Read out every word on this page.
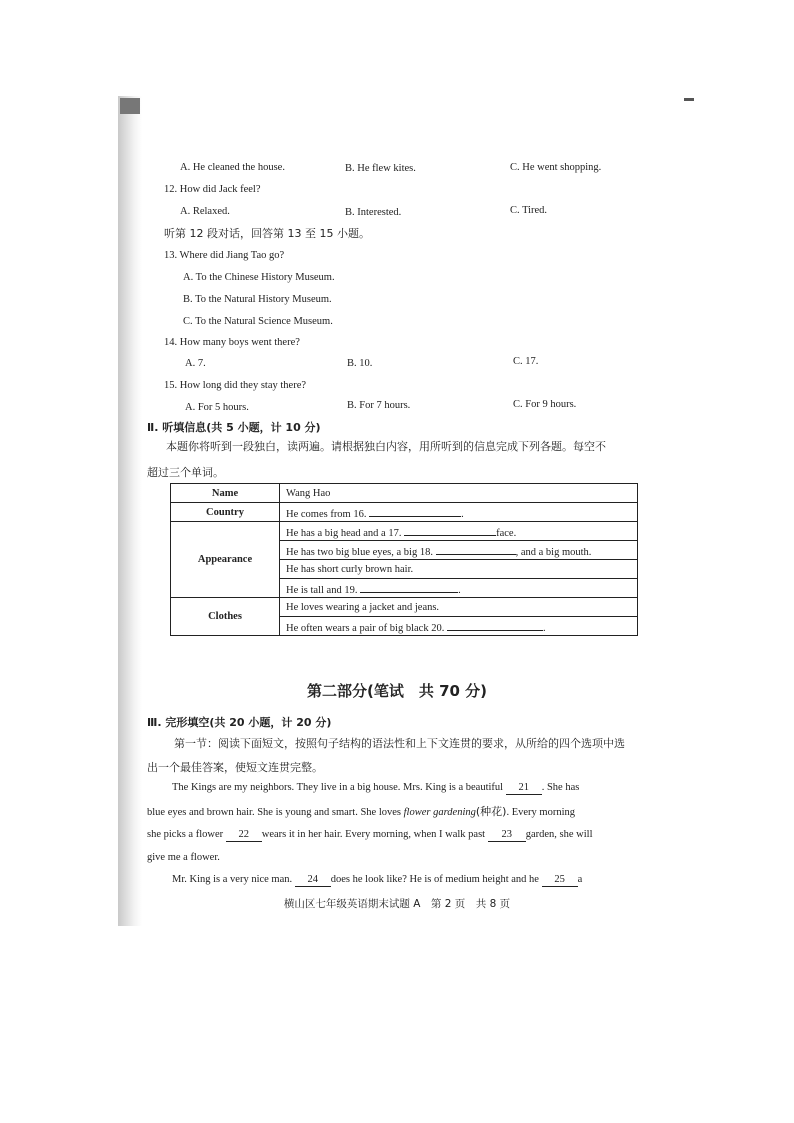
A. He cleaned the house.	B. He flew kites.	C. He went shopping.
12. How did Jack feel?
A. Relaxed.	B. Interested.	C. Tired.
听第 12 段对话，回答第 13 至 15 小题。
13. Where did Jiang Tao go?
A. To the Chinese History Museum.
B. To the Natural History Museum.
C. To the Natural Science Museum.
14. How many boys went there?
A. 7.	B. 10.	C. 17.
15. How long did they stay there?
A. For 5 hours.	B. For 7 hours.	C. For 9 hours.
Ⅱ. 听填信息(共 5 小题，计 10 分)
本题你将听到一段独白，读两遍。请根据独白内容，用所听到的信息完成下列各题。每空不
超过三个单词。
Name	Wang Hao
Country	He comes from 16. .
Appearance	He has a big head and a 17. face.
	He has two big blue eyes, a big 18. , and a big mouth.
	He has short curly brown hair.
	He is tall and 19. .
Clothes	He loves wearing a jacket and jeans.
	He often wears a pair of big black 20. .
第二部分(笔试　共 70 分)
Ⅲ. 完形填空(共 20 小题，计 20 分)
第一节：阅读下面短文，按照句子结构的语法性和上下文连贯的要求，从所给的四个选项中选
出一个最佳答案，使短文连贯完整。
The Kings are my neighbors. They live in a big house. Mrs. King is a beautiful 21 . She has
blue eyes and brown hair. She is young and smart. She loves flower gardening(种花). Every morning
she picks a flower 22 wears it in her hair. Every morning, when I walk past 23 garden, she will
give me a flower.
Mr. King is a very nice man. 24 does he look like? He is of medium height and he 25 a
横山区七年级英语期末试题 A　第 2 页　共 8 页
